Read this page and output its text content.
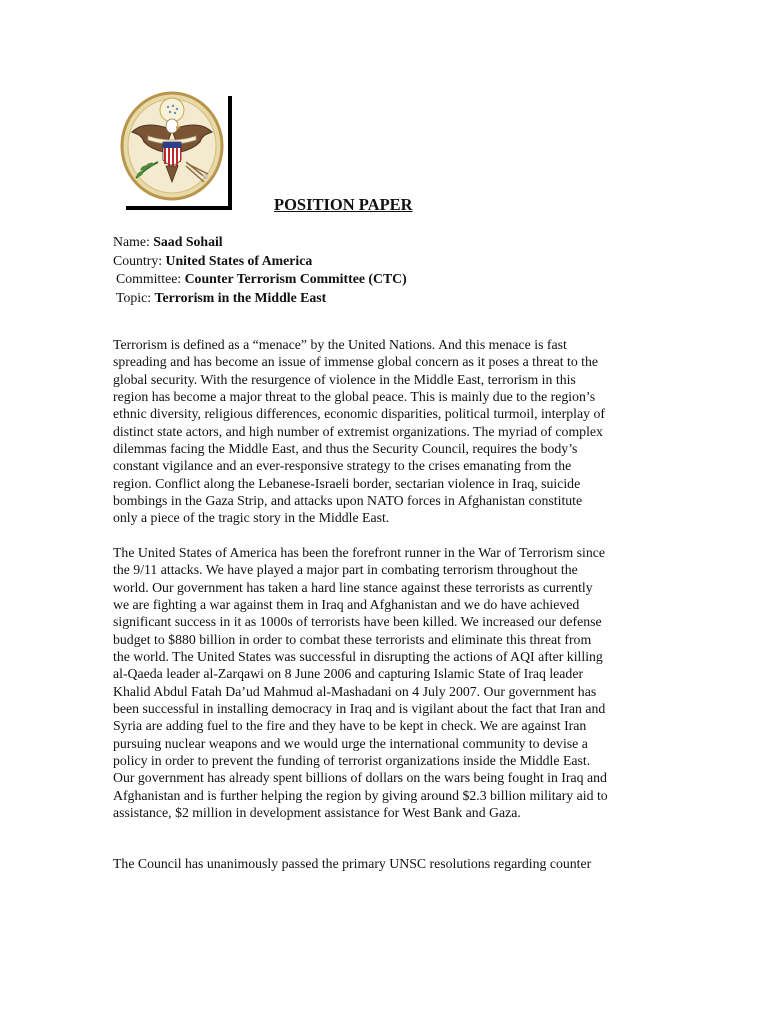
POSITION PAPER
Name: Saad Sohail
Country: United States of America
Committee: Counter Terrorism Committee (CTC)
Topic: Terrorism in the Middle East

Terrorism is defined as a “menace” by the United Nations. And this menace is fast
spreading and has become an issue of immense global concern as it poses a threat to the
global security. With the resurgence of violence in the Middle East, terrorism in this
region has become a major threat to the global peace. This is mainly due to the region’s
ethnic diversity, religious differences, economic disparities, political turmoil, interplay of
distinct state actors, and high number of extremist organizations. The myriad of complex
dilemmas facing the Middle East, and thus the Security Council, requires the body’s
constant vigilance and an ever-responsive strategy to the crises emanating from the
region. Conflict along the Lebanese-Israeli border, sectarian violence in Iraq, suicide
bombings in the Gaza Strip, and attacks upon NATO forces in Afghanistan constitute
only a piece of the tragic story in the Middle East.

The United States of America has been the forefront runner in the War of Terrorism since
the 9/11 attacks. We have played a major part in combating terrorism throughout the
world. Our government has taken a hard line stance against these terrorists as currently
we are fighting a war against them in Iraq and Afghanistan and we do have achieved
significant success in it as 1000s of terrorists have been killed. We increased our defense
budget to $880 billion in order to combat these terrorists and eliminate this threat from
the world. The United States was successful in disrupting the actions of AQI after killing
al-Qaeda leader al-Zarqawi on 8 June 2006 and capturing Islamic State of Iraq leader
Khalid Abdul Fatah Da’ud Mahmud al-Mashadani on 4 July 2007. Our government has
been successful in installing democracy in Iraq and is vigilant about the fact that Iran and
Syria are adding fuel to the fire and they have to be kept in check. We are against Iran
pursuing nuclear weapons and we would urge the international community to devise a
policy in order to prevent the funding of terrorist organizations inside the Middle East.
Our government has already spent billions of dollars on the wars being fought in Iraq and
Afghanistan and is further helping the region by giving around $2.3 billion military aid to
assistance, $2 million in development assistance for West Bank and Gaza.

The Council has unanimously passed the primary UNSC resolutions regarding counter
